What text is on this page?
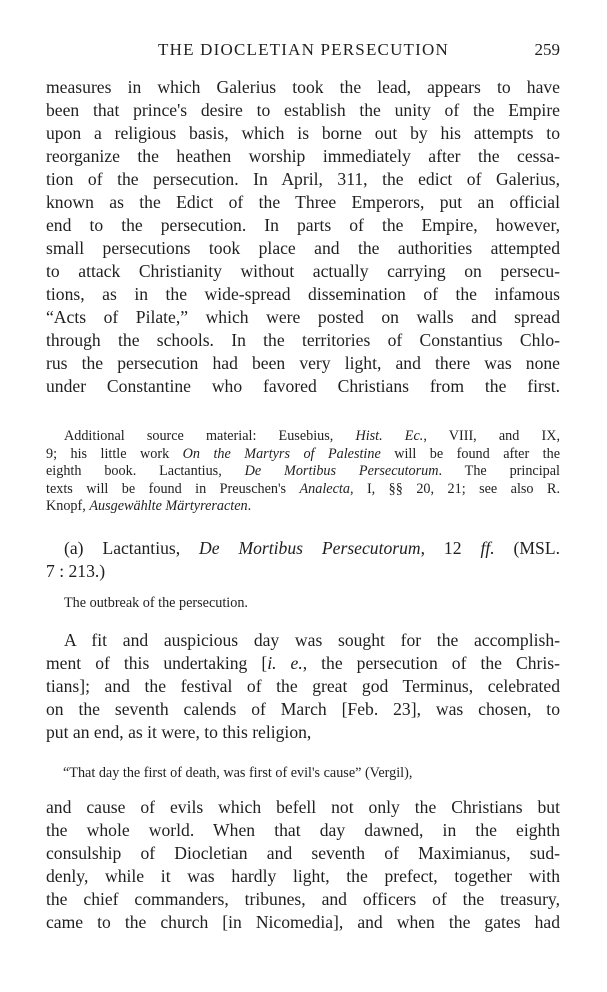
THE DIOCLETIAN PERSECUTION	259
measures in which Galerius took the lead, appears to have
been that prince's desire to establish the unity of the Empire
upon a religious basis, which is borne out by his attempts to
reorganize the heathen worship immediately after the cessa-
tion of the persecution. In April, 311, the edict of Galerius,
known as the Edict of the Three Emperors, put an official
end to the persecution. In parts of the Empire, however,
small persecutions took place and the authorities attempted
to attack Christianity without actually carrying on persecu-
tions, as in the wide-spread dissemination of the infamous
“Acts of Pilate,” which were posted on walls and spread
through the schools. In the territories of Constantius Chlo-
rus the persecution had been very light, and there was none
under Constantine who favored Christians from the first.
Additional source material: Eusebius, Hist. Ec., VIII, and IX,
9; his little work On the Martyrs of Palestine will be found after the
eighth book. Lactantius, De Mortibus Persecutorum. The principal
texts will be found in Preuschen's Analecta, I, §§ 20, 21; see also R.
Knopf, Ausgewählte Märtyreracten.
(a) Lactantius, De Mortibus Persecutorum, 12 ff. (MSL.
7 : 213.)
The outbreak of the persecution.
A fit and auspicious day was sought for the accomplish-
ment of this undertaking [i. e., the persecution of the Chris-
tians]; and the festival of the great god Terminus, celebrated
on the seventh calends of March [Feb. 23], was chosen, to
put an end, as it were, to this religion,
“That day the first of death, was first of evil's cause” (Vergil),
and cause of evils which befell not only the Christians but
the whole world. When that day dawned, in the eighth
consulship of Diocletian and seventh of Maximianus, sud-
denly, while it was hardly light, the prefect, together with
the chief commanders, tribunes, and officers of the treasury,
came to the church [in Nicomedia], and when the gates had
